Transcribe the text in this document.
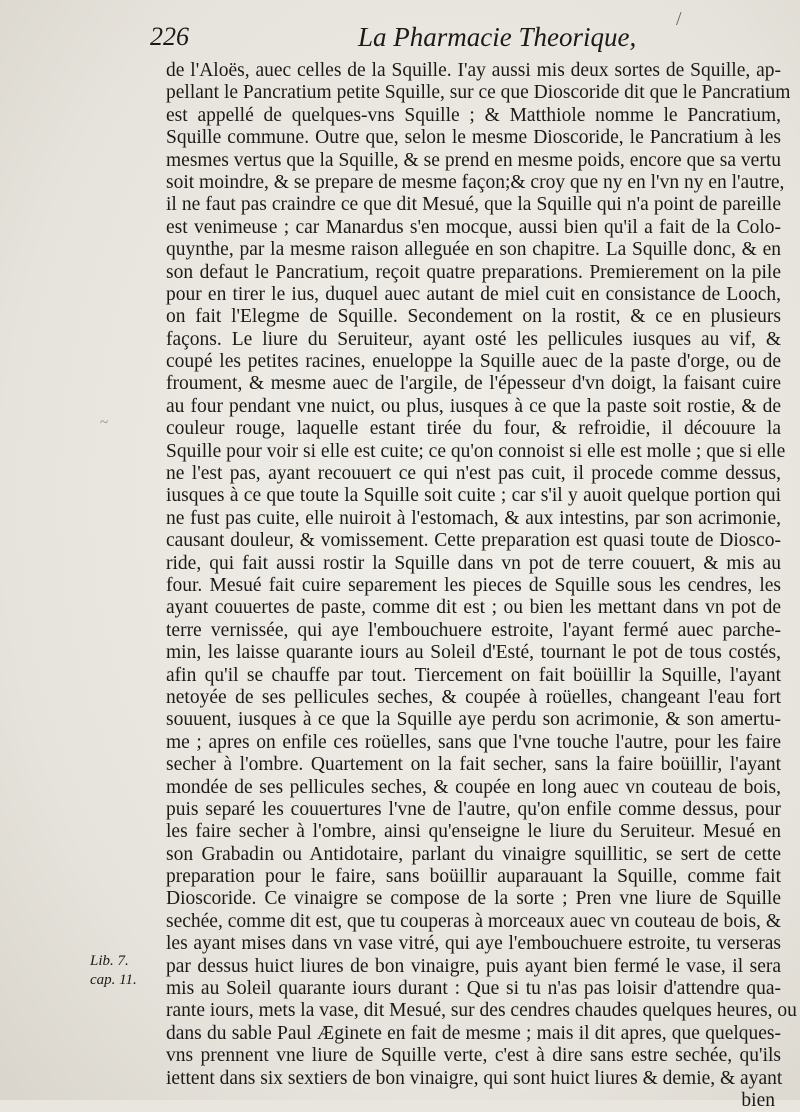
226	La Pharmacie Theorique,
/
~
Lib. 7.
cap. 11.
de l'Aloës, auec celles de la Squille. I'ay aussi mis deux sortes de Squille, ap-
pellant le Pancratium petite Squille, sur ce que Dioscoride dit que le Pancratium
est appellé de quelques-vns Squille ; & Matthiole nomme le Pancratium,
Squille commune. Outre que, selon le mesme Dioscoride, le Pancratium à les
mesmes vertus que la Squille, & se prend en mesme poids, encore que sa vertu
soit moindre, & se prepare de mesme façon;& croy que ny en l'vn ny en l'autre,
il ne faut pas craindre ce que dit Mesué, que la Squille qui n'a point de pareille
est venimeuse ; car Manardus s'en mocque, aussi bien qu'il a fait de la Colo-
quynthe, par la mesme raison alleguée en son chapitre. La Squille donc, & en
son defaut le Pancratium, reçoit quatre preparations. Premierement on la pile
pour en tirer le ius, duquel auec autant de miel cuit en consistance de Looch,
on fait l'Elegme de Squille. Secondement on la rostit, & ce en plusieurs
façons. Le liure du Seruiteur, ayant osté les pellicules iusques au vif, &
coupé les petites racines, enueloppe la Squille auec de la paste d'orge, ou de
froument, & mesme auec de l'argile, de l'épesseur d'vn doigt, la faisant cuire
au four pendant vne nuict, ou plus, iusques à ce que la paste soit rostie, & de
couleur rouge, laquelle estant tirée du four, & refroidie, il découure la
Squille pour voir si elle est cuite; ce qu'on connoist si elle est molle ; que si elle
ne l'est pas, ayant recouuert ce qui n'est pas cuit, il procede comme dessus,
iusques à ce que toute la Squille soit cuite ; car s'il y auoit quelque portion qui
ne fust pas cuite, elle nuiroit à l'estomach, & aux intestins, par son acrimonie,
causant douleur, & vomissement. Cette preparation est quasi toute de Diosco-
ride, qui fait aussi rostir la Squille dans vn pot de terre couuert, & mis au
four. Mesué fait cuire separement les pieces de Squille sous les cendres, les
ayant couuertes de paste, comme dit est ; ou bien les mettant dans vn pot de
terre vernissée, qui aye l'embouchuere estroite, l'ayant fermé auec parche-
min, les laisse quarante iours au Soleil d'Esté, tournant le pot de tous costés,
afin qu'il se chauffe par tout. Tiercement on fait boüillir la Squille, l'ayant
netoyée de ses pellicules seches, & coupée à roüelles, changeant l'eau fort
souuent, iusques à ce que la Squille aye perdu son acrimonie, & son amertu-
me ; apres on enfile ces roüelles, sans que l'vne touche l'autre, pour les faire
secher à l'ombre. Quartement on la fait secher, sans la faire boüillir, l'ayant
mondée de ses pellicules seches, & coupée en long auec vn couteau de bois,
puis separé les couuertures l'vne de l'autre, qu'on enfile comme dessus, pour
les faire secher à l'ombre, ainsi qu'enseigne le liure du Seruiteur. Mesué en
son Grabadin ou Antidotaire, parlant du vinaigre squillitic, se sert de cette
preparation pour le faire, sans boüillir auparauant la Squille, comme fait
Dioscoride. Ce vinaigre se compose de la sorte ; Pren vne liure de Squille
sechée, comme dit est, que tu couperas à morceaux auec vn couteau de bois, &
les ayant mises dans vn vase vitré, qui aye l'embouchuere estroite, tu verseras
par dessus huict liures de bon vinaigre, puis ayant bien fermé le vase, il sera
mis au Soleil quarante iours durant : Que si tu n'as pas loisir d'attendre qua-
rante iours, mets la vase, dit Mesué, sur des cendres chaudes quelques heures, ou
dans du sable Paul Æginete en fait de mesme ; mais il dit apres, que quelques-
vns prennent vne liure de Squille verte, c'est à dire sans estre sechée, qu'ils
iettent dans six sextiers de bon vinaigre, qui sont huict liures & demie, & ayant
bien
